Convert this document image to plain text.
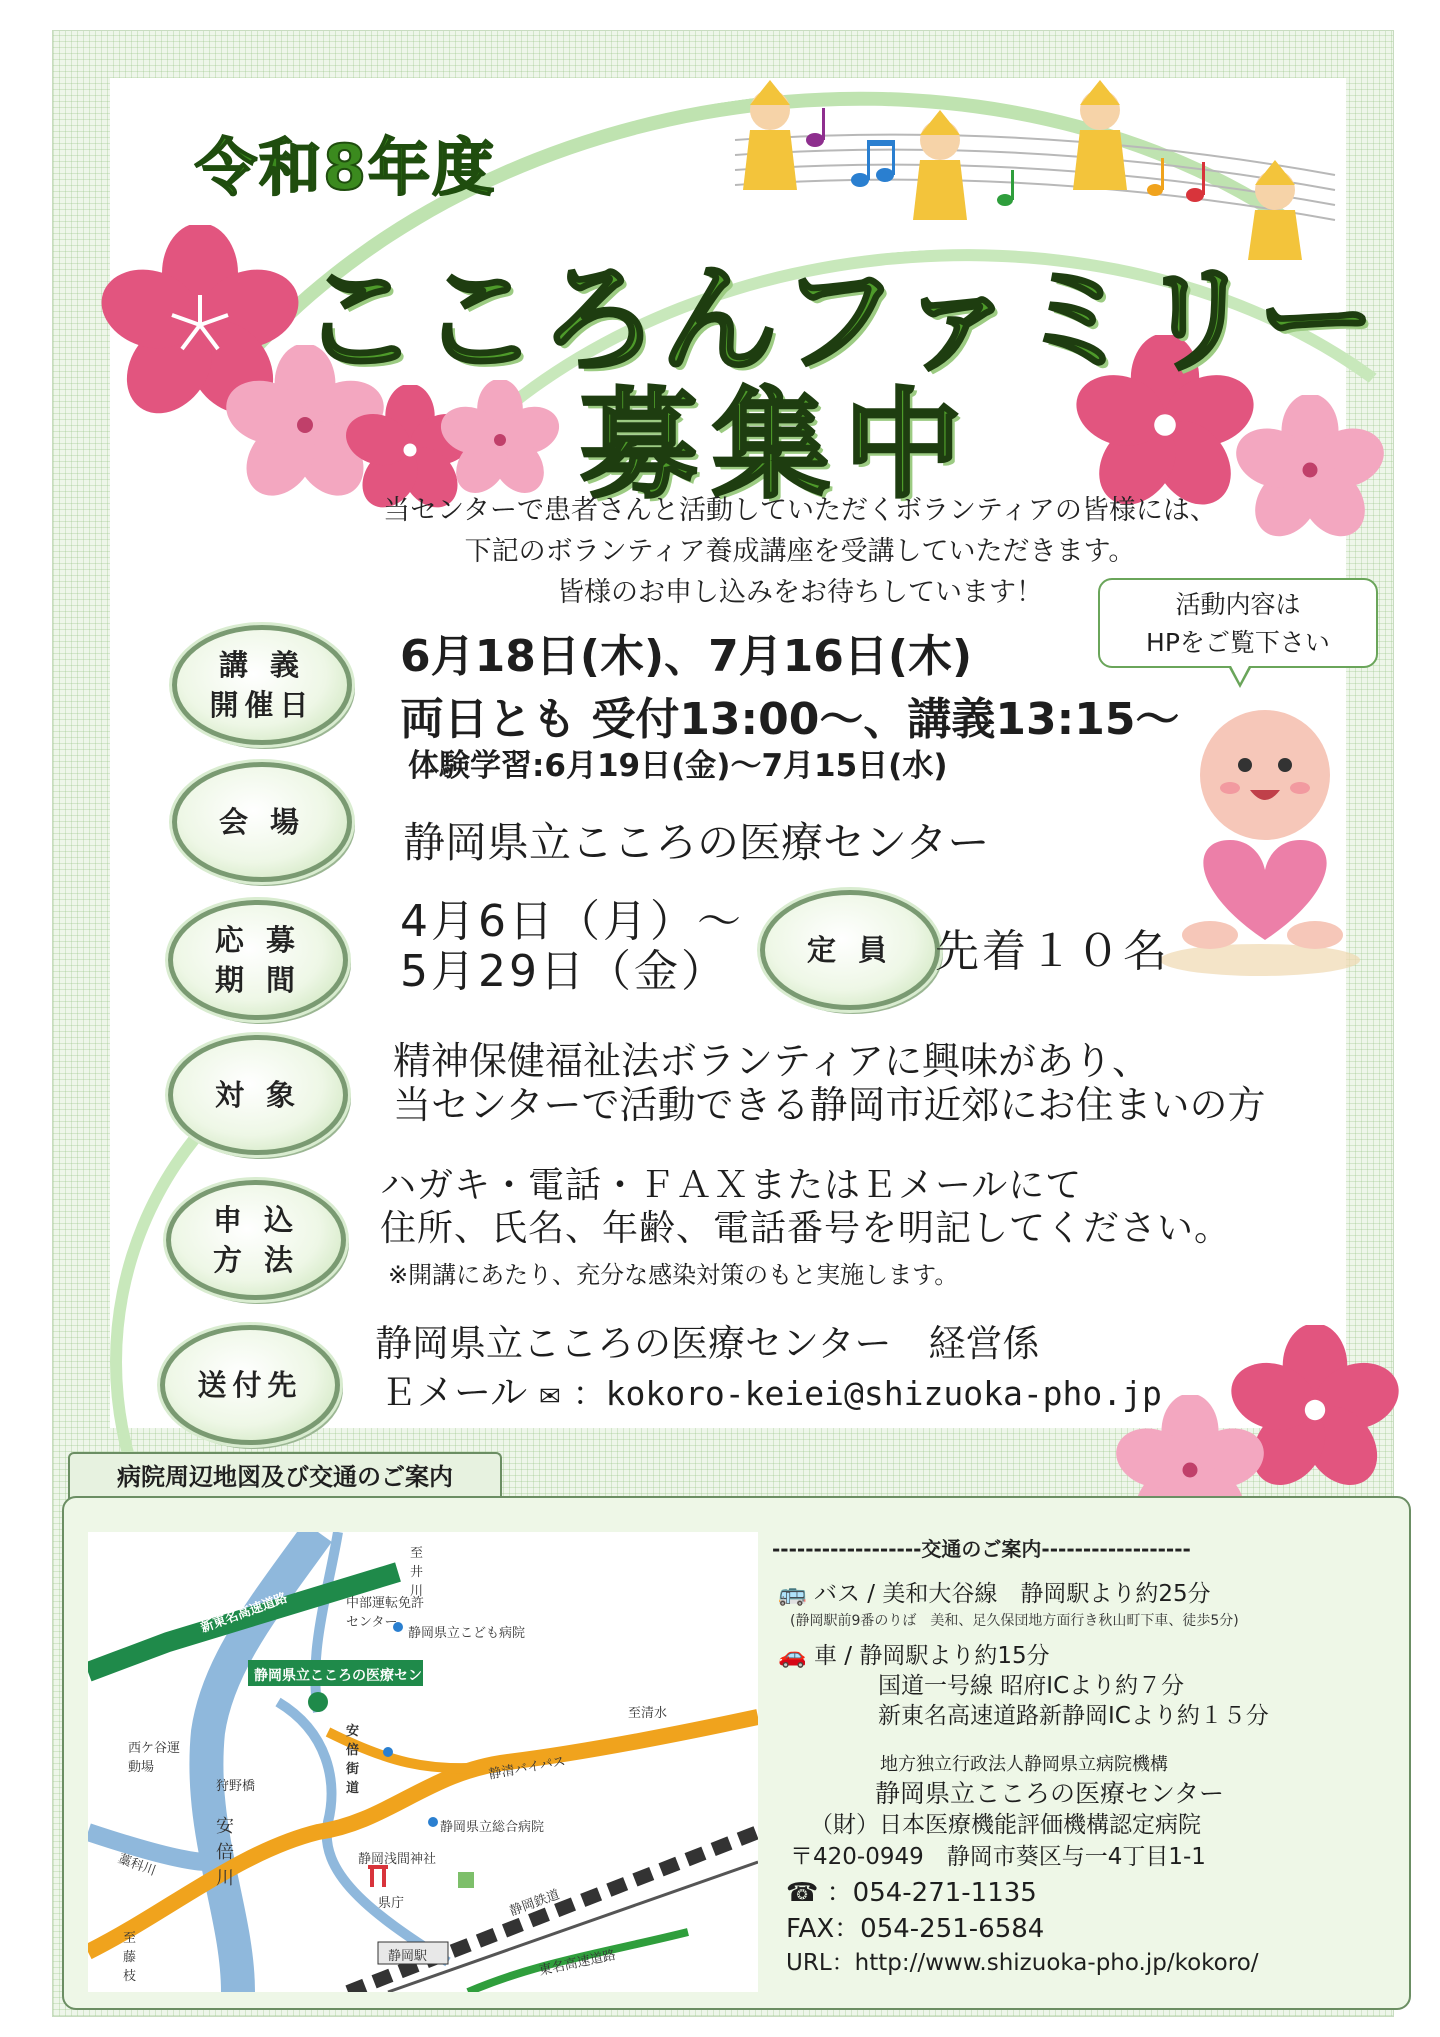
令和8年度
こころんファミリー
募集中
当センターで患者さんと活動していただくボランティアの皆様には、
下記のボランティア養成講座を受講していただきます。
皆様のお申し込みをお待ちしています！	活動内容は
HPをご覧下さい
講 義
開催日
6月18日(木)、7月16日(木)
両日とも 受付13:00～、講義13:15～
体験学習:6月19日(金)～7月15日(水)
会 場 静岡県立こころの医療センター
応 募
期 間
4月6日（月）～
5月29日（金）	定 員 先着１０名
対 象
精神保健福祉法ボランティアに興味があり、
当センターで活動できる静岡市近郊にお住まいの方
申 込
方 法
ハガキ・電話・ＦＡＸまたはＥメールにて
住所、氏名、年齢、電話番号を明記してください。
※開講にあたり、充分な感染対策のもと実施します。
送付先
静岡県立こころの医療センター　経営係
Ｅメール ✉ ：kokoro-keiei@shizuoka-pho.jp
病院周辺地図及び交通のご案内
新東名高速道路
静岡県立こころの医療センター
中部運転免許センター
静岡県立こども病院
至井川
至清水
西ケ谷運動場
安倍街道
狩野橋
安倍川
静清バイパス
静岡県立総合病院
静岡浅間神社
藁科川
至藤枝
静岡駅	東名高速道路
静岡鉄道
県庁
------------------交通のご案内------------------
🚌 バス / 美和大谷線　静岡駅より約25分
(静岡駅前9番のりば　美和、足久保団地方面行き秋山町下車、徒歩5分)
🚗 車 / 静岡駅より約15分
国道一号線 昭府ICより約７分
新東名高速道路新静岡ICより約１５分
地方独立行政法人静岡県立病院機構
静岡県立こころの医療センター
（財）日本医療機能評価機構認定病院
〒420-0949　静岡市葵区与一4丁目1-1
☎ ：054-271-1135
FAX：054-251-6584
URL：http://www.shizuoka-pho.jp/kokoro/
